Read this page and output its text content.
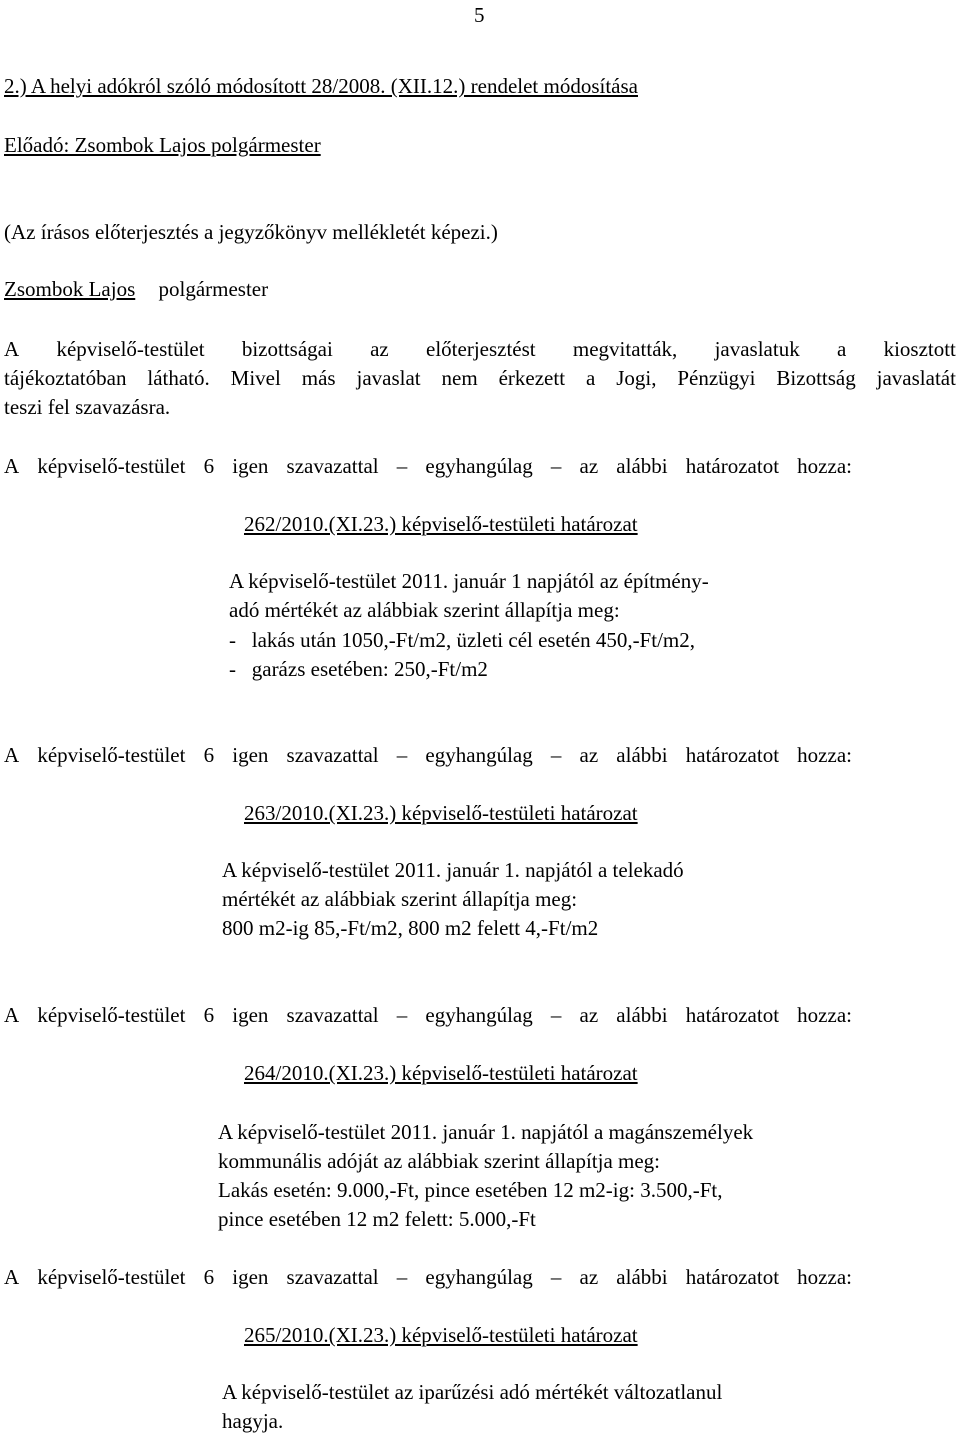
5
2.) A helyi adókról szóló módosított 28/2008. (XII.12.) rendelet módosítása
Előadó: Zsombok Lajos polgármester
(Az írásos előterjesztés a jegyzőkönyv mellékletét képezi.)
Zsombok Lajos polgármester
A képviselő-testület bizottságai az előterjesztést megvitatták, javaslatuk a kiosztott
tájékoztatóban látható. Mivel más javaslat nem érkezett a Jogi, Pénzügyi Bizottság javaslatát
teszi fel szavazásra.
A képviselő-testület 6 igen szavazattal – egyhangúlag – az alábbi határozatot hozza:
262/2010.(XI.23.) képviselő-testületi határozat
A képviselő-testület 2011. január 1 napjától az építmény-
adó mértékét az alábbiak szerint állapítja meg:
-   lakás után 1050,-Ft/m2, üzleti cél esetén 450,-Ft/m2,
-   garázs esetében: 250,-Ft/m2
A képviselő-testület 6 igen szavazattal – egyhangúlag – az alábbi határozatot hozza:
263/2010.(XI.23.) képviselő-testületi határozat
A képviselő-testület 2011. január 1. napjától a telekadó
mértékét az alábbiak szerint állapítja meg:
800 m2-ig 85,-Ft/m2, 800 m2 felett 4,-Ft/m2
A képviselő-testület 6 igen szavazattal – egyhangúlag – az alábbi határozatot hozza:
264/2010.(XI.23.) képviselő-testületi határozat
A képviselő-testület 2011. január 1. napjától a magánszemélyek
kommunális adóját az alábbiak szerint állapítja meg:
Lakás esetén: 9.000,-Ft, pince esetében 12 m2-ig: 3.500,-Ft,
pince esetében 12 m2 felett: 5.000,-Ft
A képviselő-testület 6 igen szavazattal – egyhangúlag – az alábbi határozatot hozza:
265/2010.(XI.23.) képviselő-testületi határozat
A képviselő-testület az iparűzési adó mértékét változatlanul
hagyja.
